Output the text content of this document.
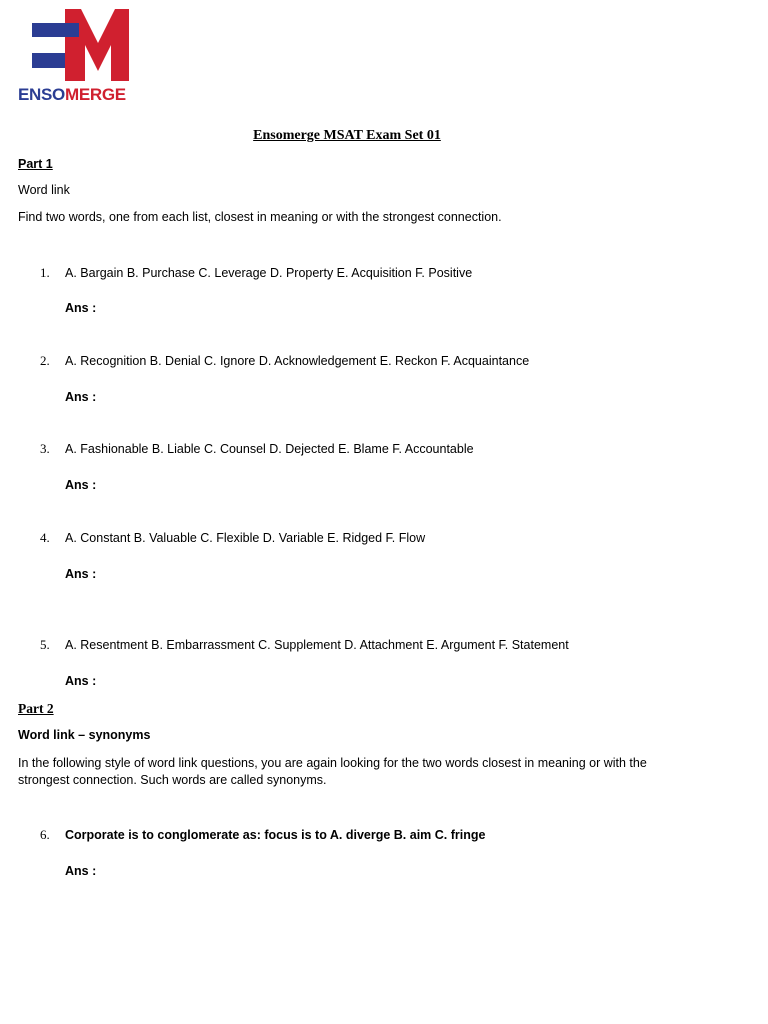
ENSOMERGE
Ensomerge MSAT Exam Set 01
Part 1
Word link
Find two words, one from each list, closest in meaning or with the strongest connection.
1. A. Bargain B. Purchase C. Leverage D. Property E. Acquisition F. Positive
Ans :
2. A. Recognition B. Denial C. Ignore D. Acknowledgement E. Reckon F. Acquaintance
Ans :
3. A. Fashionable B. Liable C. Counsel D. Dejected E. Blame F. Accountable
Ans :
4. A. Constant B. Valuable C. Flexible D. Variable E. Ridged F. Flow
Ans :
5. A. Resentment B. Embarrassment C. Supplement D. Attachment E. Argument F. Statement
Ans :
Part 2
Word link – synonyms
In the following style of word link questions, you are again looking for the two words closest in meaning or with the strongest connection. Such words are called synonyms.
6. Corporate is to conglomerate as: focus is to A. diverge B. aim C. fringe
Ans :
